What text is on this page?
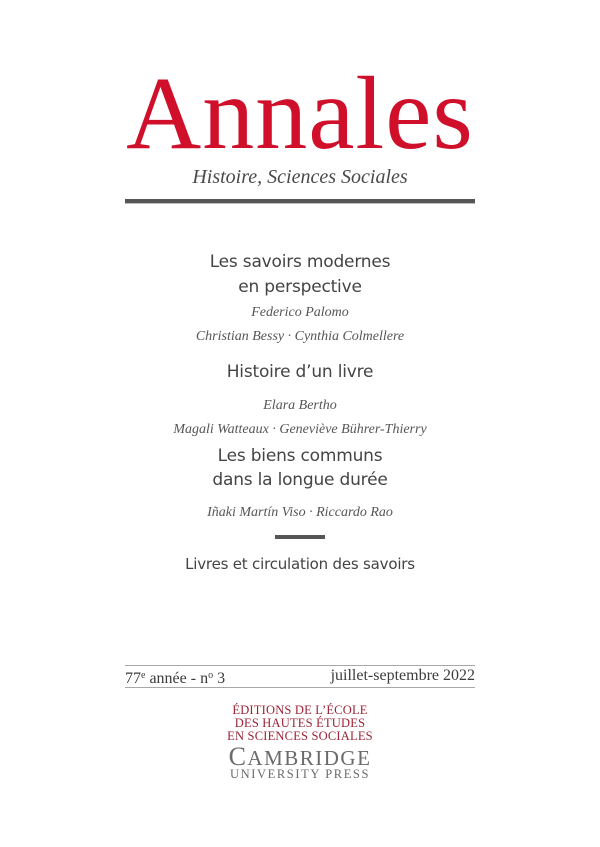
Annales
Histoire, Sciences Sociales
Les savoirs modernes
en perspective
Federico Palomo
Christian Bessy · Cynthia Colmellere
Histoire d’un livre
Elara Bertho
Magali Watteaux · Geneviève Bührer-Thierry
Les biens communs
dans la longue durée
Iñaki Martín Viso · Riccardo Rao
Livres et circulation des savoirs
77e année - $n^o$ 3	juillet-septembre 2022
ÉDITIONS DE L’ÉCOLE
DES HAUTES ÉTUDES
EN SCIENCES SOCIALES
CAMBRIDGE
UNIVERSITY PRESS
